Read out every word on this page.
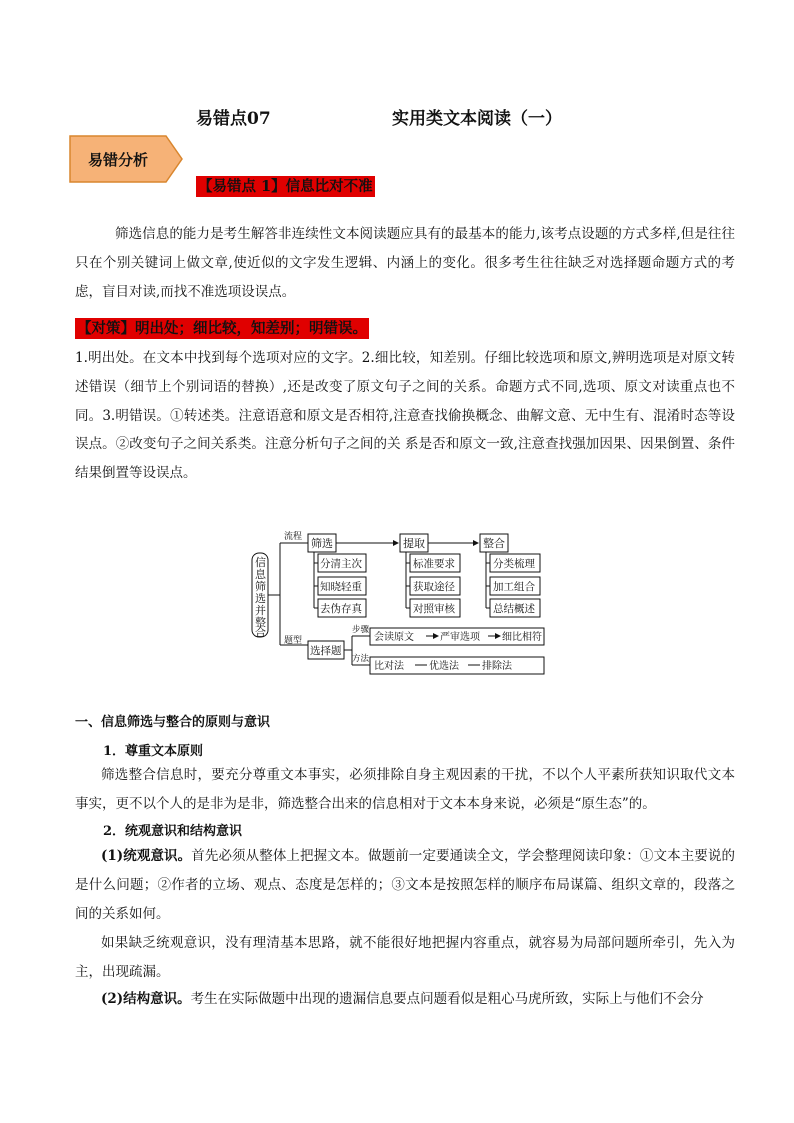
易错点07	实用类文本阅读（一）
易错分析
【易错点 1】信息比对不准

筛选信息的能力是考生解答非连续性文本阅读题应具有的最基本的能力,该考点设题的方式多样,但是往往只在个别关键词上做文章,使近似的文字发生逻辑、内涵上的变化。很多考生往往缺乏对选择题命题方式的考虑，盲目对读,而找不准选项设误点。

【对策】明出处；细比较，知差别；明错误。

1.明出处。在文本中找到每个选项对应的文字。2.细比较，知差别。仔细比较选项和原文,辨明选项是对原文转述错误（细节上个别词语的替换）,还是改变了原文句子之间的关系。命题方式不同,选项、原文对读重点也不同。3.明错误。①转述类。注意语意和原文是否相符,注意查找偷换概念、曲解文意、无中生有、混淆时态等设误点。②改变句子之间关系类。注意分析句子之间的关 系是否和原文一致,注意查找强加因果、因果倒置、条件结果倒置等设误点。

信
息
筛
选
并
整
合
流程
题型
筛选	提取	整合
分清主次
知晓轻重
去伪存真
标准要求
获取途径
对照审核
分类梳理
加工组合
总结概述
选择题
步骤
方法
会读原文	严审选项 细比相符
比对法	优选法 排除法
一、信息筛选与整合的原则与意识
1．尊重文本原则

筛选整合信息时，要充分尊重文本事实，必须排除自身主观因素的干扰，不以个人平素所获知识取代文本事实，更不以个人的是非为是非，筛选整合出来的信息相对于文本本身来说，必须是“原生态”的。

2．统观意识和结构意识

(1)统观意识。首先必须从整体上把握文本。做题前一定要通读全文，学会整理阅读印象：①文本主要说的是什么问题；②作者的立场、观点、态度是怎样的；③文本是按照怎样的顺序布局谋篇、组织文章的，段落之间的关系如何。

如果缺乏统观意识，没有理清基本思路，就不能很好地把握内容重点，就容易为局部问题所牵引，先入为主，出现疏漏。

(2)结构意识。考生在实际做题中出现的遗漏信息要点问题看似是粗心马虎所致，实际上与他们不会分
